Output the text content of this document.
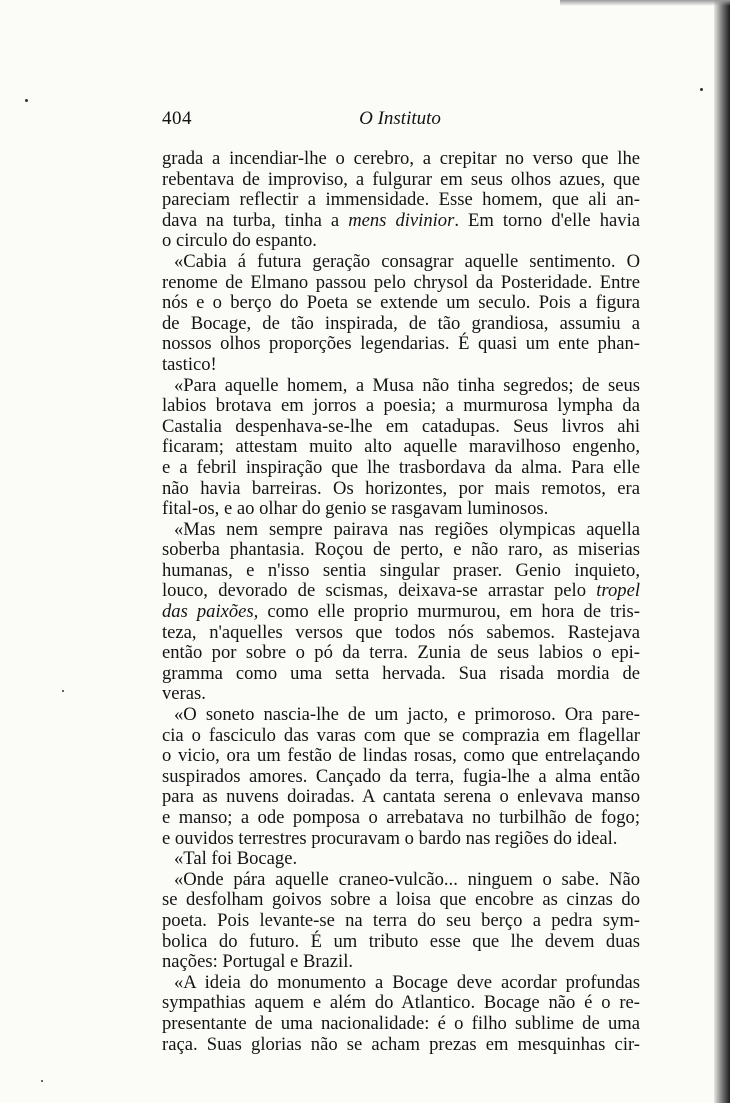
404	O Instituto
grada a incendiar-lhe o cerebro, a crepitar no verso que lhe
rebentava de improviso, a fulgurar em seus olhos azues, que
pareciam reflectir a immensidade. Esse homem, que ali an-
dava na turba, tinha a mens divinior. Em torno d'elle havia
o circulo do espanto.
«Cabia á futura geração consagrar aquelle sentimento. O
renome de Elmano passou pelo chrysol da Posteridade. Entre
nós e o berço do Poeta se extende um seculo. Pois a figura
de Bocage, de tão inspirada, de tão grandiosa, assumiu a
nossos olhos proporções legendarias. É quasi um ente phan-
tastico!
«Para aquelle homem, a Musa não tinha segredos; de seus
labios brotava em jorros a poesia; a murmurosa lympha da
Castalia despenhava-se-lhe em catadupas. Seus livros ahi
ficaram; attestam muito alto aquelle maravilhoso engenho,
e a febril inspiração que lhe trasbordava da alma. Para elle
não havia barreiras. Os horizontes, por mais remotos, era
fital-os, e ao olhar do genio se rasgavam luminosos.
«Mas nem sempre pairava nas regiões olympicas aquella
soberba phantasia. Roçou de perto, e não raro, as miserias
humanas, e n'isso sentia singular praser. Genio inquieto,
louco, devorado de scismas, deixava-se arrastar pelo tropel
das paixões, como elle proprio murmurou, em hora de tris-
teza, n'aquelles versos que todos nós sabemos. Rastejava
então por sobre o pó da terra. Zunia de seus labios o epi-
gramma como uma setta hervada. Sua risada mordia de
veras.
«O soneto nascia-lhe de um jacto, e primoroso. Ora pare-
cia o fasciculo das varas com que se comprazia em flagellar
o vicio, ora um festão de lindas rosas, como que entrelaçando
suspirados amores. Cançado da terra, fugia-lhe a alma então
para as nuvens doiradas. A cantata serena o enlevava manso
e manso; a ode pomposa o arrebatava no turbilhão de fogo;
e ouvidos terrestres procuravam o bardo nas regiões do ideal.
«Tal foi Bocage.
«Onde pára aquelle craneo-vulcão... ninguem o sabe. Não
se desfolham goivos sobre a loisa que encobre as cinzas do
poeta. Pois levante-se na terra do seu berço a pedra sym-
bolica do futuro. É um tributo esse que lhe devem duas
nações: Portugal e Brazil.
«A ideia do monumento a Bocage deve acordar profundas
sympathias aquem e além do Atlantico. Bocage não é o re-
presentante de uma nacionalidade: é o filho sublime de uma
raça. Suas glorias não se acham prezas em mesquinhas cir-
